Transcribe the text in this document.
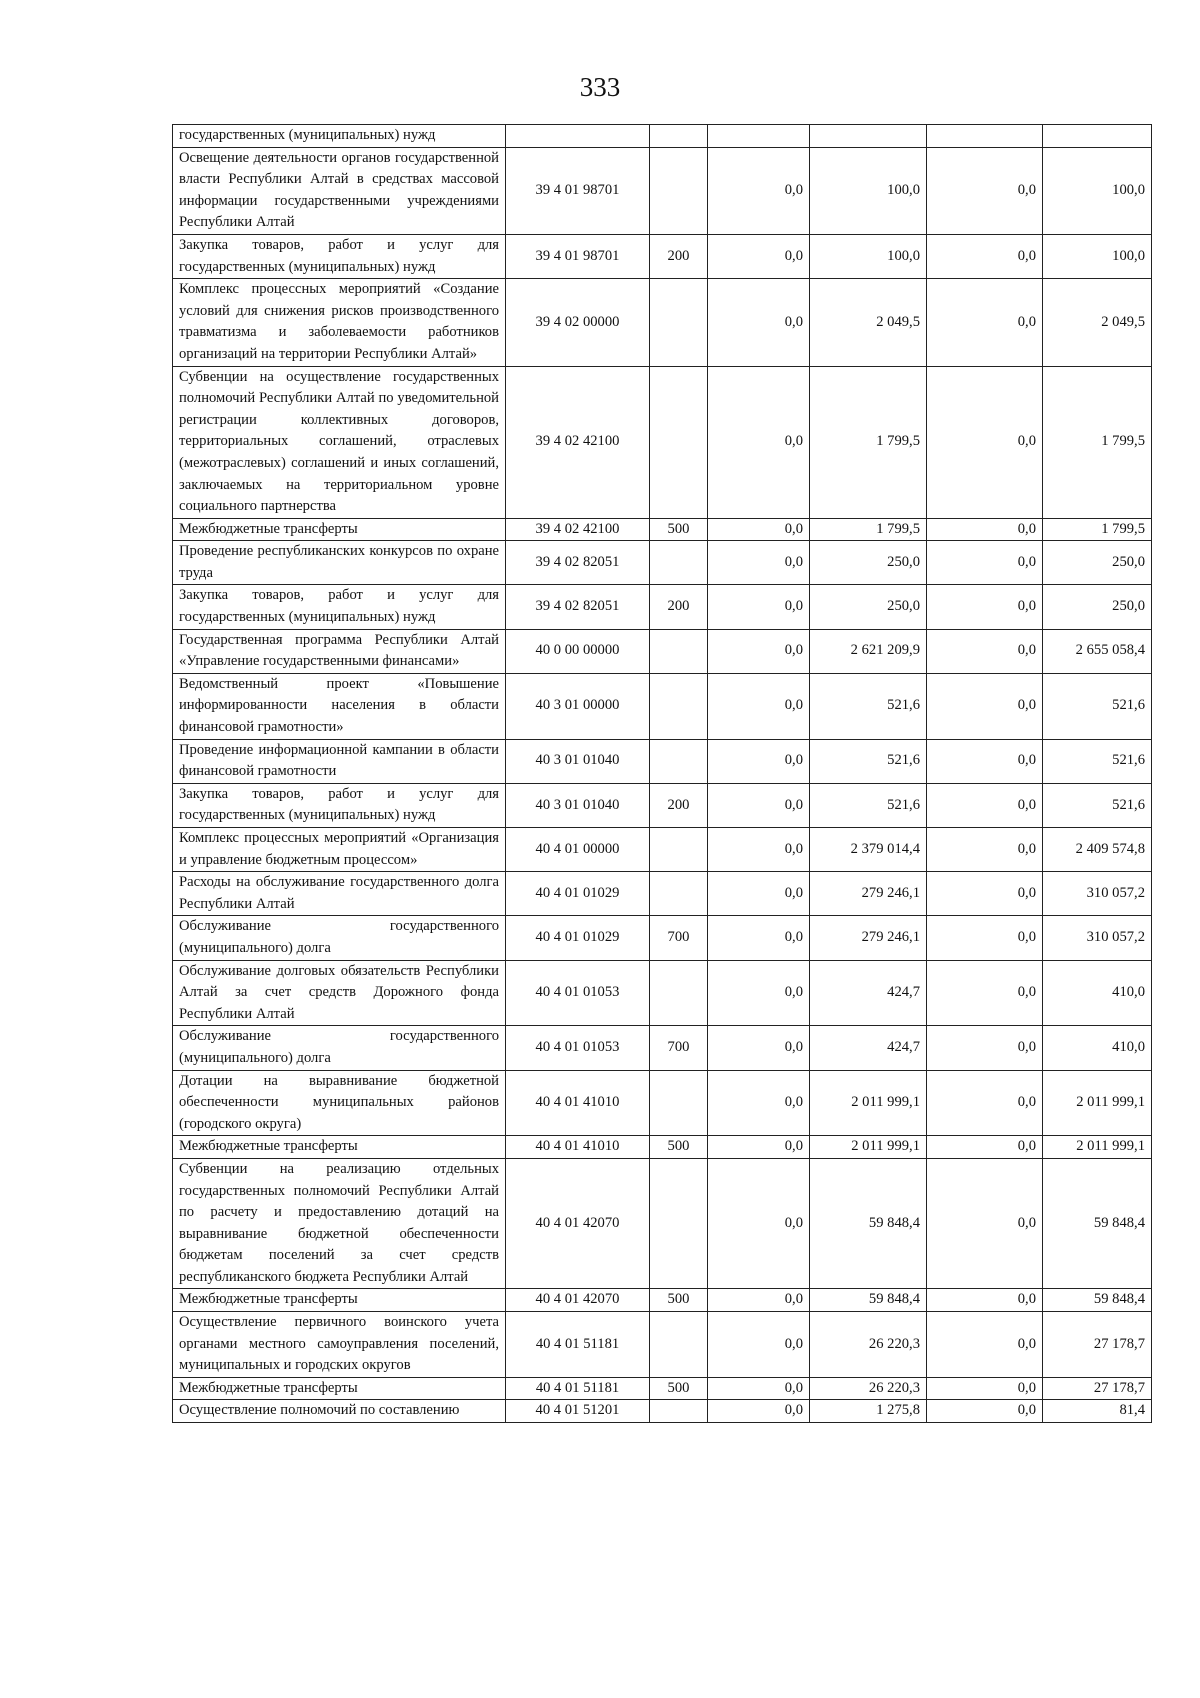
333
государственных (муниципальных) нужд						
Освещение деятельности органов государственной власти Республики Алтай в средствах массовой информации государственными учреждениями Республики Алтай	39 4 01 98701		0,0	100,0	0,0	100,0
Закупка товаров, работ и услуг для государственных (муниципальных) нужд	39 4 01 98701	200	0,0	100,0	0,0	100,0
Комплекс процессных мероприятий «Создание условий для снижения рисков производственного травматизма и заболеваемости работников организаций на территории Республики Алтай»	39 4 02 00000		0,0	2 049,5	0,0	2 049,5
Субвенции на осуществление государственных полномочий Республики Алтай по уведомительной регистрации коллективных договоров, территориальных соглашений, отраслевых (межотраслевых) соглашений и иных соглашений, заключаемых на территориальном уровне социального партнерства	39 4 02 42100		0,0	1 799,5	0,0	1 799,5
Межбюджетные трансферты	39 4 02 42100	500	0,0	1 799,5	0,0	1 799,5
Проведение республиканских конкурсов по охране труда	39 4 02 82051		0,0	250,0	0,0	250,0
Закупка товаров, работ и услуг для государственных (муниципальных) нужд	39 4 02 82051	200	0,0	250,0	0,0	250,0
Государственная программа Республики Алтай «Управление государственными финансами»	40 0 00 00000		0,0	2 621 209,9	0,0	2 655 058,4
Ведомственный проект «Повышение информированности населения в области финансовой грамотности»	40 3 01 00000		0,0	521,6	0,0	521,6
Проведение информационной кампании в области финансовой грамотности	40 3 01 01040		0,0	521,6	0,0	521,6
Закупка товаров, работ и услуг для государственных (муниципальных) нужд	40 3 01 01040	200	0,0	521,6	0,0	521,6
Комплекс процессных мероприятий «Организация и управление бюджетным процессом»	40 4 01 00000		0,0	2 379 014,4	0,0	2 409 574,8
Расходы на обслуживание государственного долга Республики Алтай	40 4 01 01029		0,0	279 246,1	0,0	310 057,2
Обслуживание государственного (муниципального) долга	40 4 01 01029	700	0,0	279 246,1	0,0	310 057,2
Обслуживание долговых обязательств Республики Алтай за счет средств Дорожного фонда Республики Алтай	40 4 01 01053		0,0	424,7	0,0	410,0
Обслуживание государственного (муниципального) долга	40 4 01 01053	700	0,0	424,7	0,0	410,0
Дотации на выравнивание бюджетной обеспеченности муниципальных районов (городского округа)	40 4 01 41010		0,0	2 011 999,1	0,0	2 011 999,1
Межбюджетные трансферты	40 4 01 41010	500	0,0	2 011 999,1	0,0	2 011 999,1
Субвенции на реализацию отдельных государственных полномочий Республики Алтай по расчету и предоставлению дотаций на выравнивание бюджетной обеспеченности бюджетам поселений за счет средств республиканского бюджета Республики Алтай	40 4 01 42070		0,0	59 848,4	0,0	59 848,4
Межбюджетные трансферты	40 4 01 42070	500	0,0	59 848,4	0,0	59 848,4
Осуществление первичного воинского учета органами местного самоуправления поселений, муниципальных и городских округов	40 4 01 51181		0,0	26 220,3	0,0	27 178,7
Межбюджетные трансферты	40 4 01 51181	500	0,0	26 220,3	0,0	27 178,7
Осуществление полномочий по составлению	40 4 01 51201		0,0	1 275,8	0,0	81,4
